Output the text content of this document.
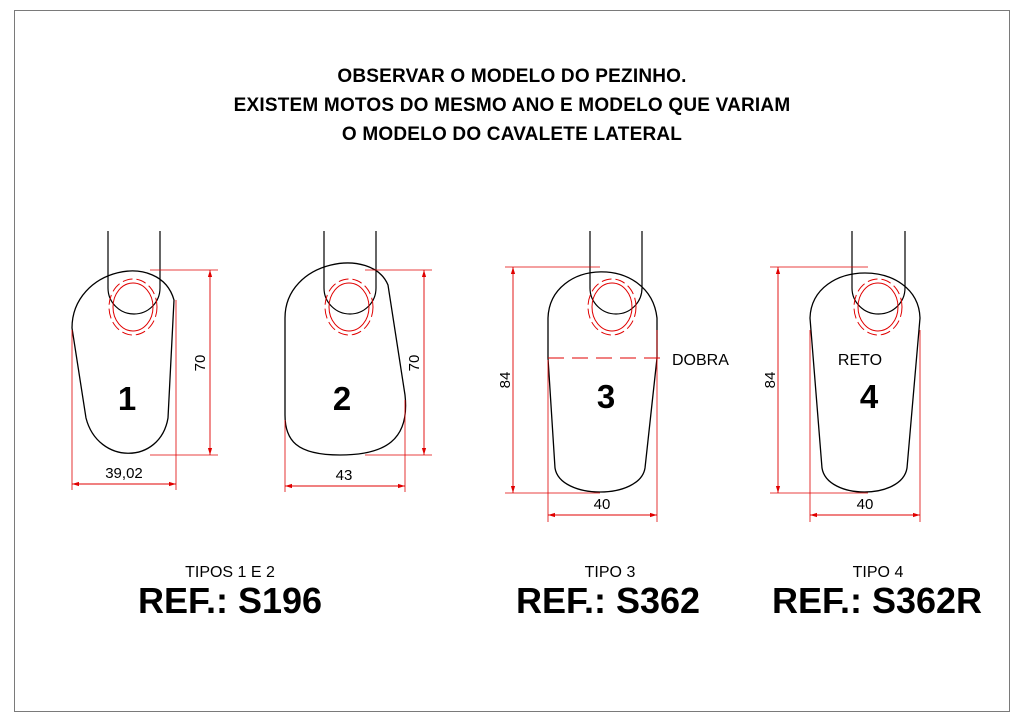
OBSERVAR O MODELO DO PEZINHO.
EXISTEM MOTOS DO MESMO ANO E MODELO QUE VARIAM
O MODELO DO CAVALETE LATERAL
70
39,02
1
70
43
2	84
40
3
DOBRA
84
40
4
RETO
TIPOS 1 E 2
REF.: S196
TIPO 3
REF.: S362
TIPO 4
REF.: S362R
